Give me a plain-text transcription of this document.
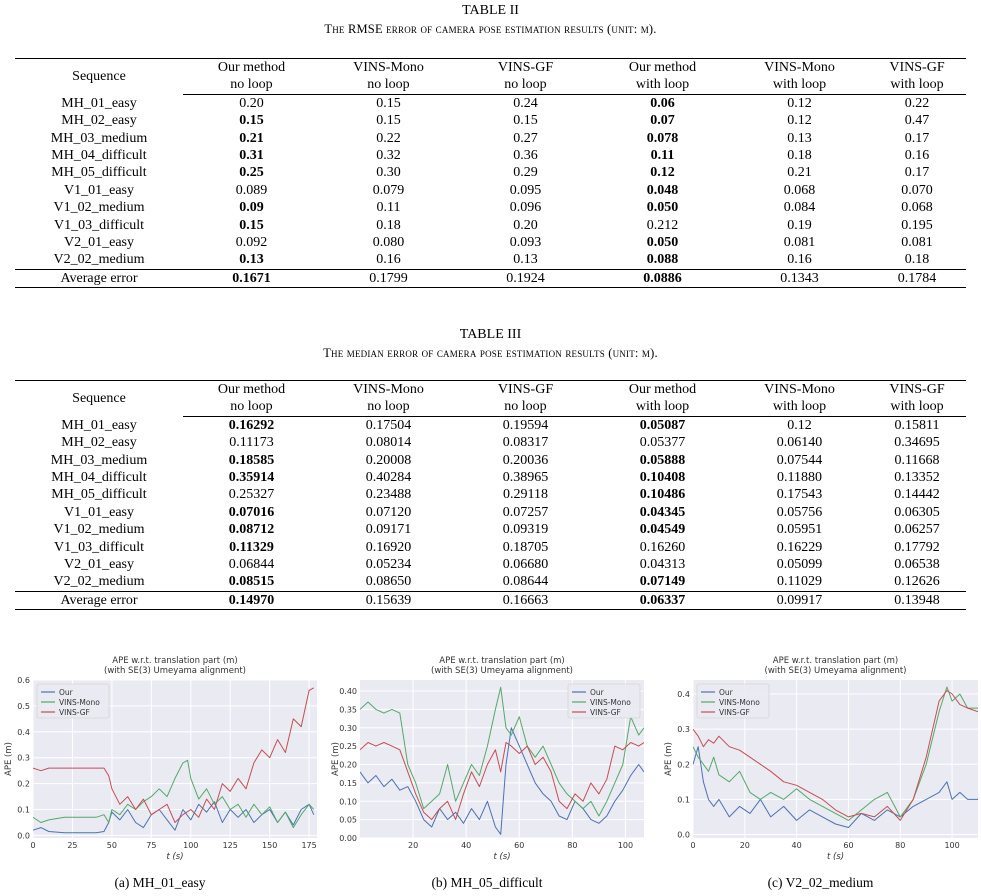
TABLE II
The RMSE error of camera pose estimation results (unit: m).
Sequence	Our method	VINS-Mono	VINS-GF	Our method	VINS-Mono	VINS-GF
	no loop	no loop	no loop	with loop	with loop	with loop
MH_01_easy	0.20	0.15	0.24	0.06	0.12	0.22
MH_02_easy	0.15	0.15	0.15	0.07	0.12	0.47
MH_03_medium	0.21	0.22	0.27	0.078	0.13	0.17
MH_04_difficult	0.31	0.32	0.36	0.11	0.18	0.16
MH_05_difficult	0.25	0.30	0.29	0.12	0.21	0.17
V1_01_easy	0.089	0.079	0.095	0.048	0.068	0.070
V1_02_medium	0.09	0.11	0.096	0.050	0.084	0.068
V1_03_difficult	0.15	0.18	0.20	0.212	0.19	0.195
V2_01_easy	0.092	0.080	0.093	0.050	0.081	0.081
V2_02_medium	0.13	0.16	0.13	0.088	0.16	0.18
Average error	0.1671	0.1799	0.1924	0.0886	0.1343	0.1784
TABLE III
The median error of camera pose estimation results (unit: m).
Sequence	Our method	VINS-Mono	VINS-GF	Our method	VINS-Mono	VINS-GF
	no loop	no loop	no loop	with loop	with loop	with loop
MH_01_easy	0.16292	0.17504	0.19594	0.05087	0.12	0.15811
MH_02_easy	0.11173	0.08014	0.08317	0.05377	0.06140	0.34695
MH_03_medium	0.18585	0.20008	0.20036	0.05888	0.07544	0.11668
MH_04_difficult	0.35914	0.40284	0.38965	0.10408	0.11880	0.13352
MH_05_difficult	0.25327	0.23488	0.29118	0.10486	0.17543	0.14442
V1_01_easy	0.07016	0.07120	0.07257	0.04345	0.05756	0.06305
V1_02_medium	0.08712	0.09171	0.09319	0.04549	0.05951	0.06257
V1_03_difficult	0.11329	0.16920	0.18705	0.16260	0.16229	0.17792
V2_01_easy	0.06844	0.05234	0.06680	0.04313	0.05099	0.06538
V2_02_medium	0.08515	0.08650	0.08644	0.07149	0.11029	0.12626
Average error	0.14970	0.15639	0.16663	0.06337	0.09917	0.13948
APE w.r.t. translation part (m)
(with SE(3) Umeyama alignment)
0	25	50	75	100	125	150	175
0.0
0.1
0.2
0.3
0.4
0.5
0.6
t (s)
APE (m)
Our
VINS-Mono
VINS-GF
APE w.r.t. translation part (m)
(with SE(3) Umeyama alignment)
20	40	60	80	100
0.00
0.05
0.10
0.15
0.20
0.25
0.30
0.35
0.40
t (s)
APE (m)
Our
VINS-Mono
VINS-GF
APE w.r.t. translation part (m)
(with SE(3) Umeyama alignment)
0	20	40	60	80	100
0.0
0.1
0.2
0.3
0.4
t (s)
APE (m)
Our
VINS-Mono
VINS-GF
(a) MH_01_easy	(b) MH_05_difficult	(c) V2_02_medium
